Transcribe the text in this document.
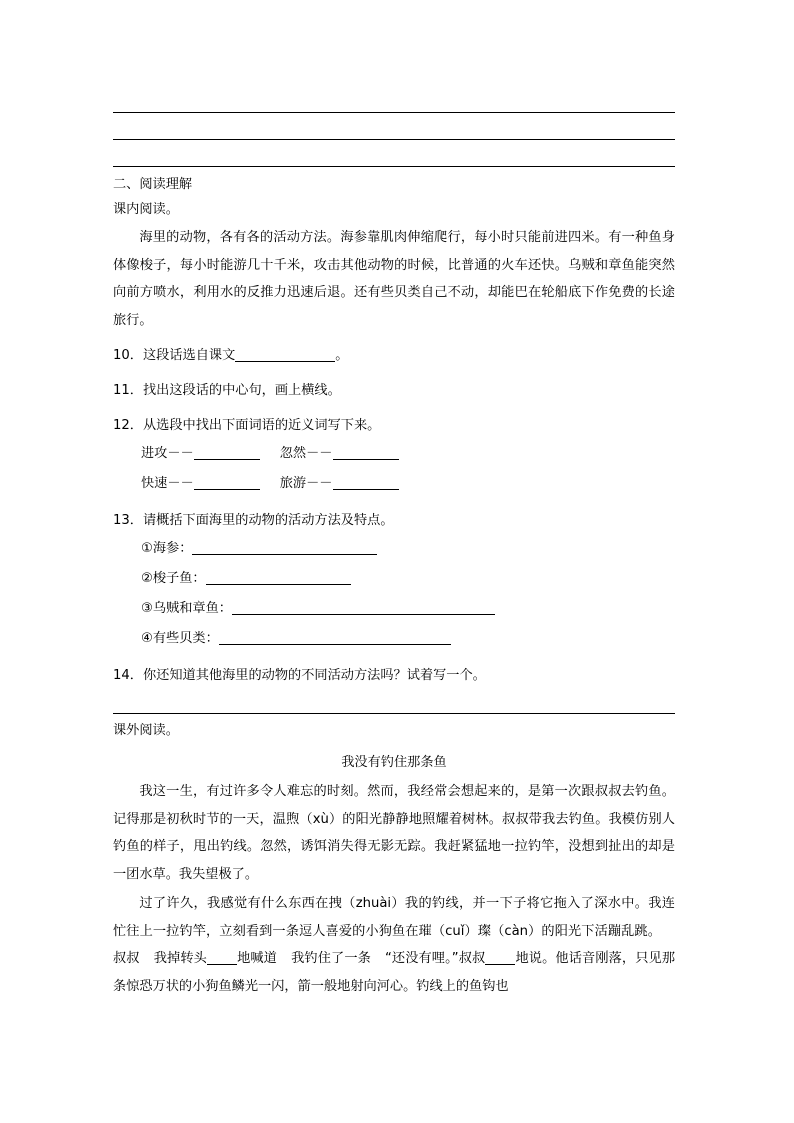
二、阅读理解
课内阅读。
海里的动物，各有各的活动方法。海参靠肌肉伸缩爬行，每小时只能前进四米。有一种鱼身体像梭子，每小时能游几十千米，攻击其他动物的时候，比普通的火车还快。乌贼和章鱼能突然向前方喷水，利用水的反推力迅速后退。还有些贝类自己不动，却能巴在轮船底下作免费的长途旅行。
10．这段话选自课文	。
11．找出这段话的中心句，画上横线。
12．从选段中找出下面词语的近义词写下来。
进攻－－	忽然－－
快速－－	旅游－－
13．请概括下面海里的动物的活动方法及特点。
①海参：
②梭子鱼：
③乌贼和章鱼：
④有些贝类：
14．你还知道其他海里的动物的不同活动方法吗？试着写一个。
课外阅读。
我没有钓住那条鱼
我这一生，有过许多令人难忘的时刻。然而，我经常会想起来的，是第一次跟叔叔去钓鱼。记得那是初秋时节的一天，温煦（xù）的阳光静静地照耀着树林。叔叔带我去钓鱼。我模仿别人钓鱼的样子，甩出钓线。忽然，诱饵消失得无影无踪。我赶紧猛地一拉钓竿，没想到扯出的却是一团水草。我失望极了。
过了许久，我感觉有什么东西在拽（zhuài）我的钓线，并一下子将它拖入了深水中。我连忙往上一拉钓竿，立刻看到一条逗人喜爱的小狗鱼在璀（cuǐ）璨（càn）的阳光下活蹦乱跳。叔叔 我掉转头 地喊道 我钓住了一条 “还没有哩。”叔叔 地说。他话音刚落，只见那条惊恐万状的小狗鱼鳞光一闪，箭一般地射向河心。钓线上的鱼钩也
